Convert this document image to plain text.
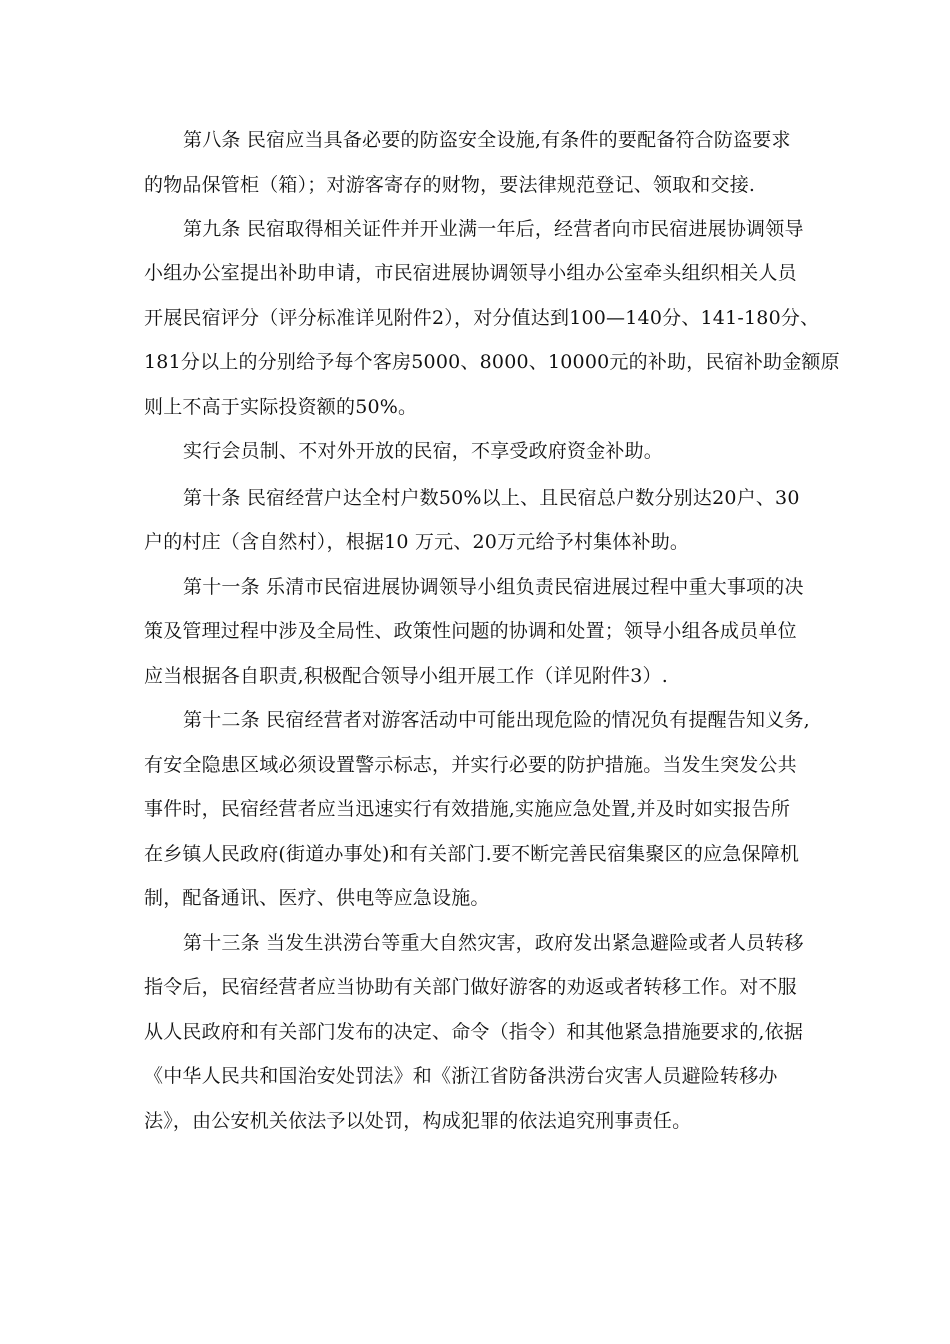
第八条 民宿应当具备必要的防盗安全设施,有条件的要配备符合防盗要求
的物品保管柜（箱）；对游客寄存的财物，要法律规范登记、领取和交接.
第九条 民宿取得相关证件并开业满一年后，经营者向市民宿进展协调领导
小组办公室提出补助申请，市民宿进展协调领导小组办公室牵头组织相关人员
开展民宿评分（评分标准详见附件2），对分值达到100—140分、141-180分、
181分以上的分别给予每个客房5000、8000、10000元的补助，民宿补助金额原
则上不高于实际投资额的50%。
实行会员制、不对外开放的民宿，不享受政府资金补助。
第十条 民宿经营户达全村户数50%以上、且民宿总户数分别达20户、30
户的村庄（含自然村），根据10 万元、20万元给予村集体补助。
第十一条 乐清市民宿进展协调领导小组负责民宿进展过程中重大事项的决
策及管理过程中涉及全局性、政策性问题的协调和处置；领导小组各成员单位
应当根据各自职责,积极配合领导小组开展工作（详见附件3）.
第十二条 民宿经营者对游客活动中可能出现危险的情况负有提醒告知义务,
有安全隐患区域必须设置警示标志，并实行必要的防护措施。当发生突发公共
事件时，民宿经营者应当迅速实行有效措施,实施应急处置,并及时如实报告所
在乡镇人民政府(街道办事处)和有关部门.要不断完善民宿集聚区的应急保障机
制，配备通讯、医疗、供电等应急设施。
第十三条 当发生洪涝台等重大自然灾害，政府发出紧急避险或者人员转移
指令后，民宿经营者应当协助有关部门做好游客的劝返或者转移工作。对不服
从人民政府和有关部门发布的决定、命令（指令）和其他紧急措施要求的,依据
《中华人民共和国治安处罚法》和《浙江省防备洪涝台灾害人员避险转移办
法》，由公安机关依法予以处罚，构成犯罪的依法追究刑事责任。
